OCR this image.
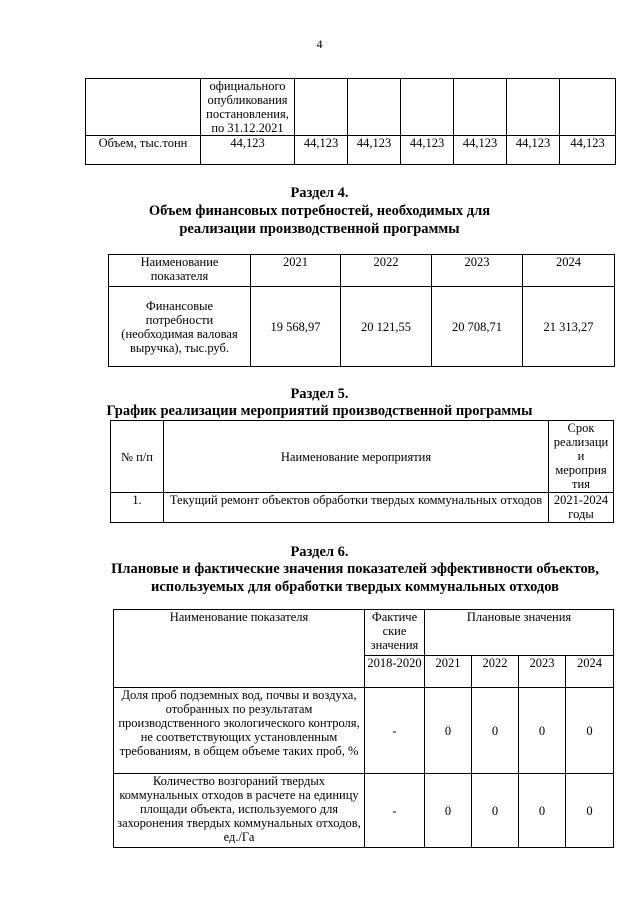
4
	официального опубликования постановления, по 31.12.2021						
Объем, тыс.тонн	44,123	44,123	44,123	44,123	44,123	44,123	44,123
Раздел 4.
Объем финансовых потребностей, необходимых для реализации производственной программы
Наименование показателя	2021	2022	2023	2024
Финансовые потребности (необходимая валовая выручка), тыс.руб.	19 568,97	20 121,55	20 708,71	21 313,27
Раздел 5.
График реализации мероприятий производственной программы
№ п/п	Наименование мероприятия	Срок реализаци и мероприя тия
1.	Текущий ремонт объектов обработки твердых коммунальных отходов	2021-2024 годы
Раздел 6.
Плановые и фактические значения показателей эффективности объектов, используемых для обработки твердых коммунальных отходов
Наименование показателя	Фактиче ские значения	Плановые значения			
	2018-2020	2021	2022	2023	2024
Доля проб подземных вод, почвы и воздуха, отобранных по результатам производственного экологического контроля, не соответствующих установленным требованиям, в общем объеме таких проб, %	-	0	0	0	0
Количество возгораний твердых коммунальных отходов в расчете на единицу площади объекта, используемого для захоронения твердых коммунальных отходов, ед./Га	-	0	0	0	0
